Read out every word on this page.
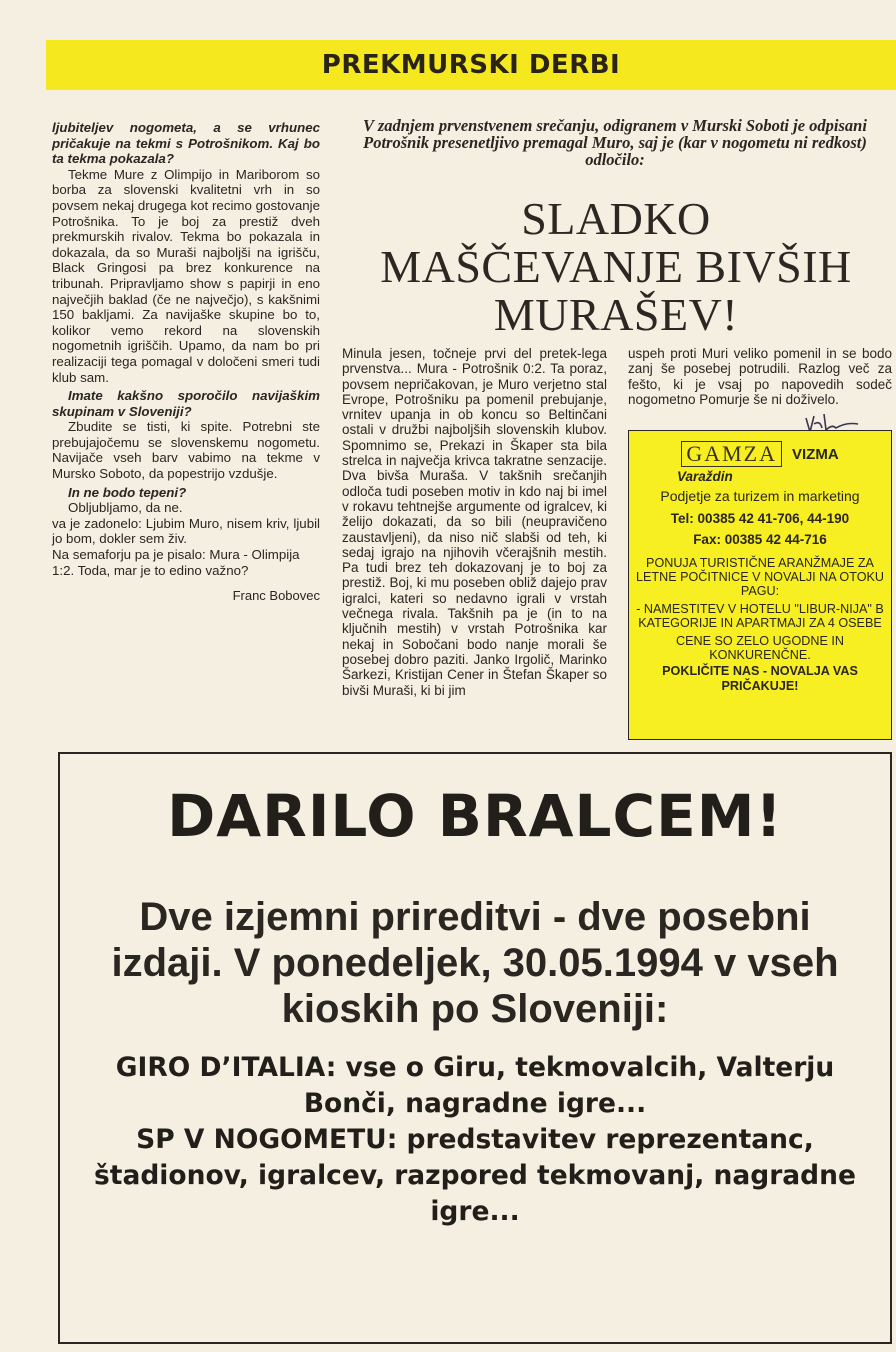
PREKMURSKI DERBI

ljubiteljev nogometa, a se vrhunec pričakuje na tekmi s Potrošnikom. Kaj bo ta tekma pokazala?

Tekme Mure z Olimpijo in Mariborom so borba za slovenski kvalitetni vrh in so povsem nekaj drugega kot recimo gostovanje Potrošnika. To je boj za prestiž dveh prekmurskih rivalov. Tekma bo pokazala in dokazala, da so Muraši najboljši na igrišču, Black Gringosi pa brez konkurence na tribunah. Pripravljamo show s papirji in eno največjih baklad (če ne največjo), s kakšnimi 150 bakljami. Za navijaške skupine bo to, kolikor vemo rekord na slovenskih nogometnih igriščih. Upamo, da nam bo pri realizaciji tega pomagal v določeni smeri tudi klub sam.

Imate kakšno sporočilo navijaškim skupinam v Sloveniji?

Zbudite se tisti, ki spite. Potrebni ste prebujajočemu se slovenskemu nogometu. Navijače vseh barv vabimo na tekme v Mursko Soboto, da popestrijo vzdušje.

In ne bodo tepeni?

Obljubljamo, da ne.

va je zadonelo: Ljubim Muro, nisem kriv, ljubil jo bom, dokler sem živ.

Na semaforju pa je pisalo: Mura - Olimpija 1:2. Toda, mar je to edino važno?

Franc Bobovec

V zadnjem prvenstvenem srečanju, odigranem v Murski Soboti je odpisani Potrošnik presenetljivo premagal Muro, saj je (kar v nogometu ni redkost) odločilo:
SLADKO
MAŠČEVANJE BIVŠIH
MURAŠEV!

Minula jesen, točneje prvi del pretek-lega prvenstva... Mura - Potrošnik 0:2. Ta poraz, povsem nepričakovan, je Muro verjetno stal Evrope, Potrošniku pa pomenil prebujanje, vrnitev upanja in ob koncu so Beltinčani ostali v družbi najboljših slovenskih klubov. Spomnimo se, Prekazi in Škaper sta bila strelca in največja krivca takratne senzacije. Dva bivša Muraša. V takšnih srečanjih odloča tudi poseben motiv in kdo naj bi imel v rokavu tehtnejše argumente od igralcev, ki želijo dokazati, da so bili (neupravičeno zaustavljeni), da niso nič slabši od teh, ki sedaj igrajo na njihovih včerajšnih mestih. Pa tudi brez teh dokazovanj je to boj za prestiž. Boj, ki mu poseben obliž dajejo prav igralci, kateri so nedavno igrali v vrstah večnega rivala. Takšnih pa je (in to na ključnih mestih) v vrstah Potrošnika kar nekaj in Sobočani bodo nanje morali še posebej dobro paziti. Janko Irgolič, Marinko Šarkezi, Kristijan Cener in Štefan Škaper so bivši Muraši, ki bi jim

uspeh proti Muri veliko pomenil in se bodo zanj še posebej potrudili. Razlog več za fešto, ki je vsaj po napovedih sodeč nogometno Pomurje še ni doživelo.

GAMZA	VIZMA
Varaždin
Podjetje za turizem in marketing
Tel: 00385 42 41-706, 44-190
Fax: 00385 42 44-716
PONUJA TURISTIČNE ARANŽMAJE ZA LETNE POČITNICE V NOVALJI NA OTOKU PAGU:
- NAMESTITEV V HOTELU "LIBUR-NIJA" B KATEGORIJE IN APARTMAJI ZA 4 OSEBE
CENE SO ZELO UGODNE IN KONKURENČNE.
POKLIČITE NAS - NOVALJA VAS PRIČAKUJE!
DARILO BRALCEM!
Dve izjemni prireditvi - dve posebni izdaji. V ponedeljek, 30.05.1994 v vseh kioskih po Sloveniji:
GIRO D’ITALIA: vse o Giru, tekmovalcih, Valterju Bonči, nagradne igre...
SP V NOGOMETU: predstavitev reprezentanc, štadionov, igralcev, razpored tekmovanj, nagradne igre...
